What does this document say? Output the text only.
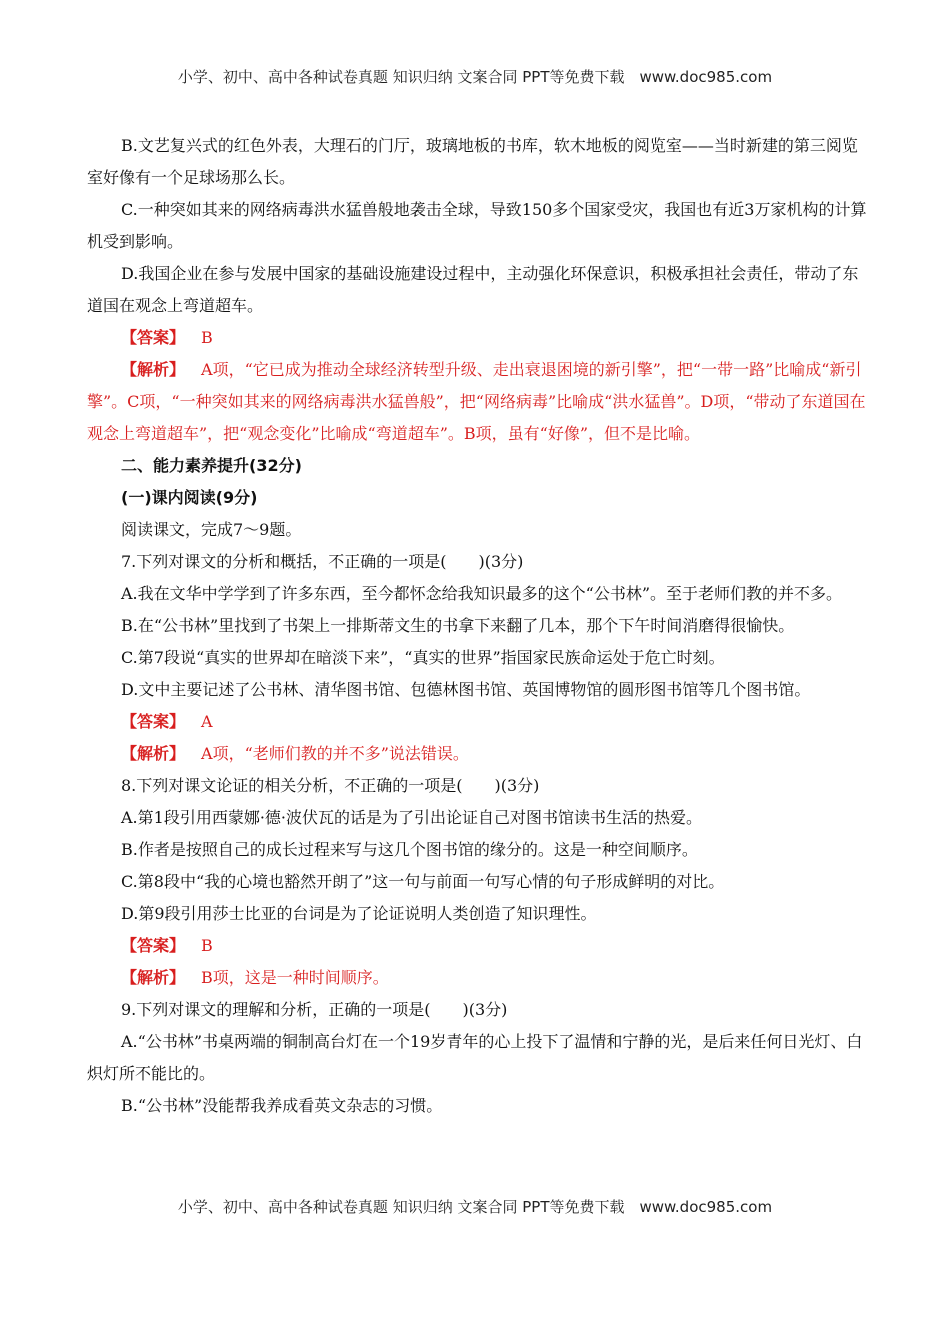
小学、初中、高中各种试卷真题 知识归纳 文案合同 PPT等免费下载　www.doc985.com

B.文艺复兴式的红色外表，大理石的门厅，玻璃地板的书库，软木地板的阅览室——当时新建的第三阅览室好像有一个足球场那么长。

C.一种突如其来的网络病毒洪水猛兽般地袭击全球，导致150多个国家受灾，我国也有近3万家机构的计算机受到影响。

D.我国企业在参与发展中国家的基础设施建设过程中，主动强化环保意识，积极承担社会责任，带动了东道国在观念上弯道超车。

【答案】 B

【解析】 A项，“它已成为推动全球经济转型升级、走出衰退困境的新引擎”，把“一带一路”比喻成“新引擎”。C项，“一种突如其来的网络病毒洪水猛兽般”，把“网络病毒”比喻成“洪水猛兽”。D项，“带动了东道国在观念上弯道超车”，把“观念变化”比喻成“弯道超车”。B项，虽有“好像”，但不是比喻。

二、能力素养提升(32分)

(一)课内阅读(9分)

阅读课文，完成7～9题。

7.下列对课文的分析和概括，不正确的一项是(　　)(3分)

A.我在文华中学学到了许多东西，至今都怀念给我知识最多的这个“公书林”。至于老师们教的并不多。

B.在“公书林”里找到了书架上一排斯蒂文生的书拿下来翻了几本，那个下午时间消磨得很愉快。

C.第7段说“真实的世界却在暗淡下来”，“真实的世界”指国家民族命运处于危亡时刻。

D.文中主要记述了公书林、清华图书馆、包德林图书馆、英国博物馆的圆形图书馆等几个图书馆。

【答案】 A

【解析】 A项，“老师们教的并不多”说法错误。

8.下列对课文论证的相关分析，不正确的一项是(　　)(3分)

A.第1段引用西蒙娜·德·波伏瓦的话是为了引出论证自己对图书馆读书生活的热爱。

B.作者是按照自己的成长过程来写与这几个图书馆的缘分的。这是一种空间顺序。

C.第8段中“我的心境也豁然开朗了”这一句与前面一句写心情的句子形成鲜明的对比。

D.第9段引用莎士比亚的台词是为了论证说明人类创造了知识理性。

【答案】 B

【解析】 B项，这是一种时间顺序。

9.下列对课文的理解和分析，正确的一项是(　　)(3分)

A.“公书林”书桌两端的铜制高台灯在一个19岁青年的心上投下了温情和宁静的光，是后来任何日光灯、白炽灯所不能比的。

B.“公书林”没能帮我养成看英文杂志的习惯。

小学、初中、高中各种试卷真题 知识归纳 文案合同 PPT等免费下载　www.doc985.com
